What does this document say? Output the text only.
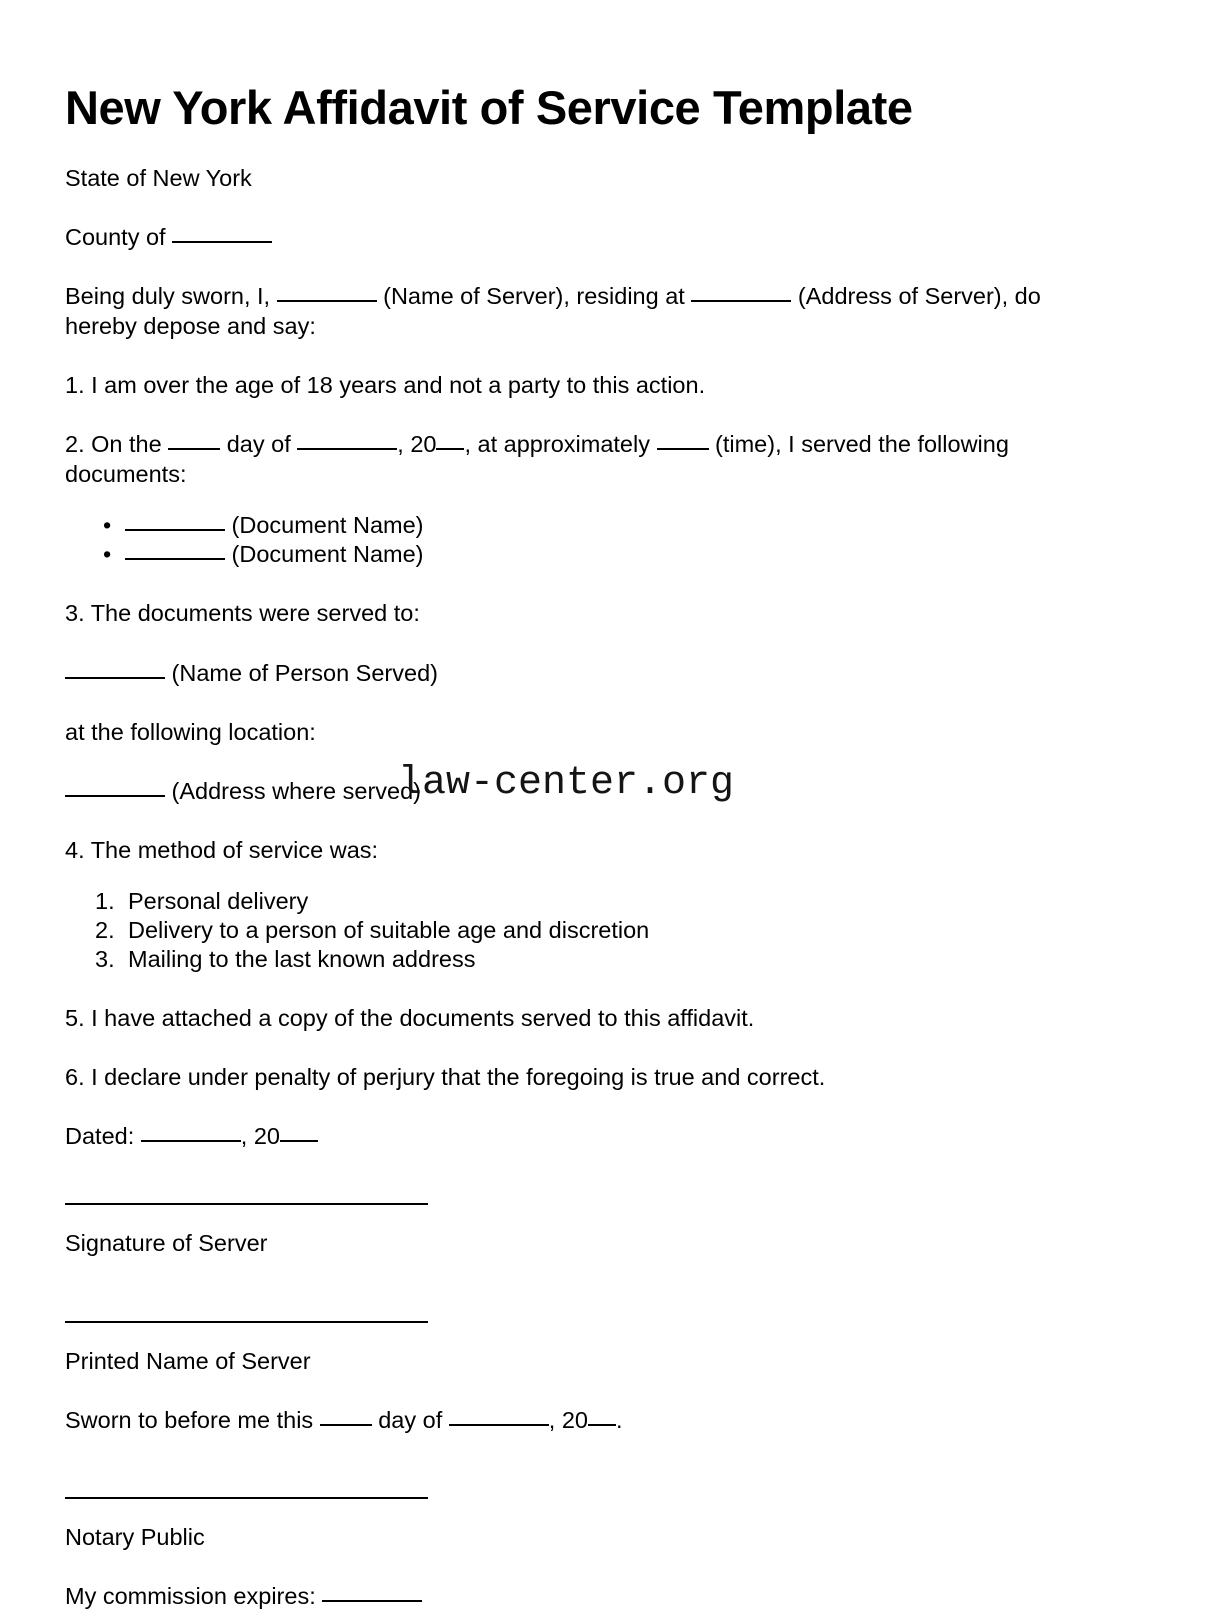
New York Affidavit of Service Template

State of New York

County of

Being duly sworn, I,	(Name of Server), residing at	(Address of Server), do hereby depose and say:

1. I am over the age of 18 years and not a party to this action.

2. On the  day of	, 20 , at approximately  (time), I served the following documents:

• (Document Name)
• (Document Name)

3. The documents were served to:

(Name of Person Served)

at the following location:

(Address where served)

4. The method of service was:

Personal delivery
Delivery to a person of suitable age and discretion
Mailing to the last known address

5. I have attached a copy of the documents served to this affidavit.

6. I declare under penalty of perjury that the foregoing is true and correct.

Dated:	, 20

Signature of Server

Printed Name of Server

Sworn to before me this  day of	, 20 .

Notary Public

My commission expires:

law-center.org
